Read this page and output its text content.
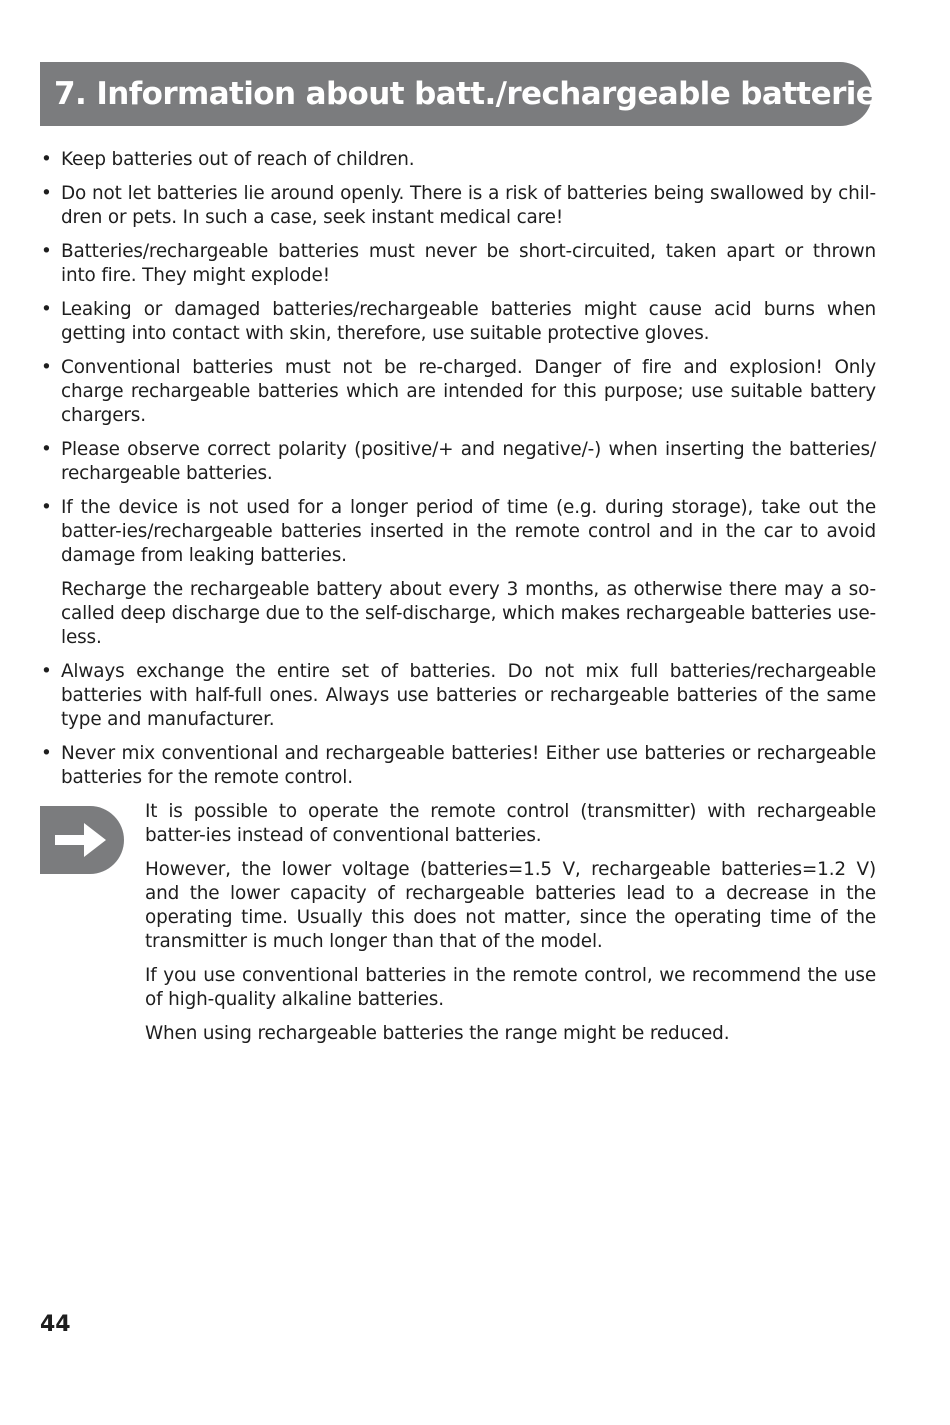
7. Information about batt./rechargeable batteries
• Keep batteries out of reach of children.

• Do not let batteries lie around openly. There is a risk of batteries being swallowed by chil-dren or pets. In such a case, seek instant medical care!

• Batteries/rechargeable batteries must never be short-circuited, taken apart or thrown into fire. They might explode!

• Leaking or damaged batteries/rechargeable batteries might cause acid burns when getting into contact with skin, therefore, use suitable protective gloves.

• Conventional batteries must not be re-charged. Danger of fire and explosion! Only charge rechargeable batteries which are intended for this purpose; use suitable battery chargers.

• Please observe correct polarity (positive/+ and negative/-) when inserting the batteries/ rechargeable batteries.

• If the device is not used for a longer period of time (e.g. during storage), take out the batter-ies/rechargeable batteries inserted in the remote control and in the car to avoid damage from leaking batteries.

Recharge the rechargeable battery about every 3 months, as otherwise there may a so-called deep discharge due to the self-discharge, which makes rechargeable batteries use-less.

• Always exchange the entire set of batteries. Do not mix full batteries/rechargeable batteries with half-full ones. Always use batteries or rechargeable batteries of the same type and manufacturer.

• Never mix conventional and rechargeable batteries! Either use batteries or rechargeable batteries for the remote control.

It is possible to operate the remote control (transmitter) with rechargeable batter-ies instead of conventional batteries.

However, the lower voltage (batteries=1.5 V, rechargeable batteries=1.2 V) and the lower capacity of rechargeable batteries lead to a decrease in the operating time. Usually this does not matter, since the operating time of the transmitter is much longer than that of the model.

If you use conventional batteries in the remote control, we recommend the use of high-quality alkaline batteries.

When using rechargeable batteries the range might be reduced.

44
